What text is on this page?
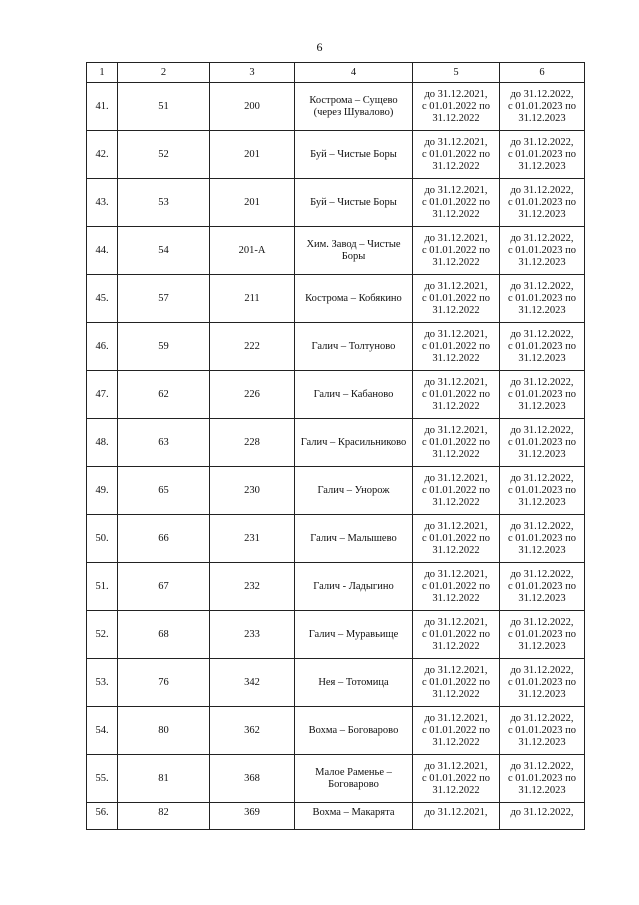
6
1	2	3	4	5	6
41.	51	200	Кострома – Сущево (через Шувалово)	до 31.12.2021,
с 01.01.2022 по
31.12.2022	до 31.12.2022,
с 01.01.2023 по
31.12.2023
42.	52	201	Буй – Чистые Боры	до 31.12.2021,
с 01.01.2022 по
31.12.2022	до 31.12.2022,
с 01.01.2023 по
31.12.2023
43.	53	201	Буй – Чистые Боры	до 31.12.2021,
с 01.01.2022 по
31.12.2022	до 31.12.2022,
с 01.01.2023 по
31.12.2023
44.	54	201-А	Хим. Завод – Чистые Боры	до 31.12.2021,
с 01.01.2022 по
31.12.2022	до 31.12.2022,
с 01.01.2023 по
31.12.2023
45.	57	211	Кострома – Кобякино	до 31.12.2021,
с 01.01.2022 по
31.12.2022	до 31.12.2022,
с 01.01.2023 по
31.12.2023
46.	59	222	Галич – Толтуново	до 31.12.2021,
с 01.01.2022 по
31.12.2022	до 31.12.2022,
с 01.01.2023 по
31.12.2023
47.	62	226	Галич – Кабаново	до 31.12.2021,
с 01.01.2022 по
31.12.2022	до 31.12.2022,
с 01.01.2023 по
31.12.2023
48.	63	228	Галич – Красильниково	до 31.12.2021,
с 01.01.2022 по
31.12.2022	до 31.12.2022,
с 01.01.2023 по
31.12.2023
49.	65	230	Галич – Унорож	до 31.12.2021,
с 01.01.2022 по
31.12.2022	до 31.12.2022,
с 01.01.2023 по
31.12.2023
50.	66	231	Галич – Малышево	до 31.12.2021,
с 01.01.2022 по
31.12.2022	до 31.12.2022,
с 01.01.2023 по
31.12.2023
51.	67	232	Галич - Ладыгино	до 31.12.2021,
с 01.01.2022 по
31.12.2022	до 31.12.2022,
с 01.01.2023 по
31.12.2023
52.	68	233	Галич – Муравьище	до 31.12.2021,
с 01.01.2022 по
31.12.2022	до 31.12.2022,
с 01.01.2023 по
31.12.2023
53.	76	342	Нея – Тотомица	до 31.12.2021,
с 01.01.2022 по
31.12.2022	до 31.12.2022,
с 01.01.2023 по
31.12.2023
54.	80	362	Вохма – Боговарово	до 31.12.2021,
с 01.01.2022 по
31.12.2022	до 31.12.2022,
с 01.01.2023 по
31.12.2023
55.	81	368	Малое Раменье –
Боговарово	до 31.12.2021,
с 01.01.2022 по
31.12.2022	до 31.12.2022,
с 01.01.2023 по
31.12.2023
56.	82	369	Вохма – Макарята	до 31.12.2021,	до 31.12.2022,
